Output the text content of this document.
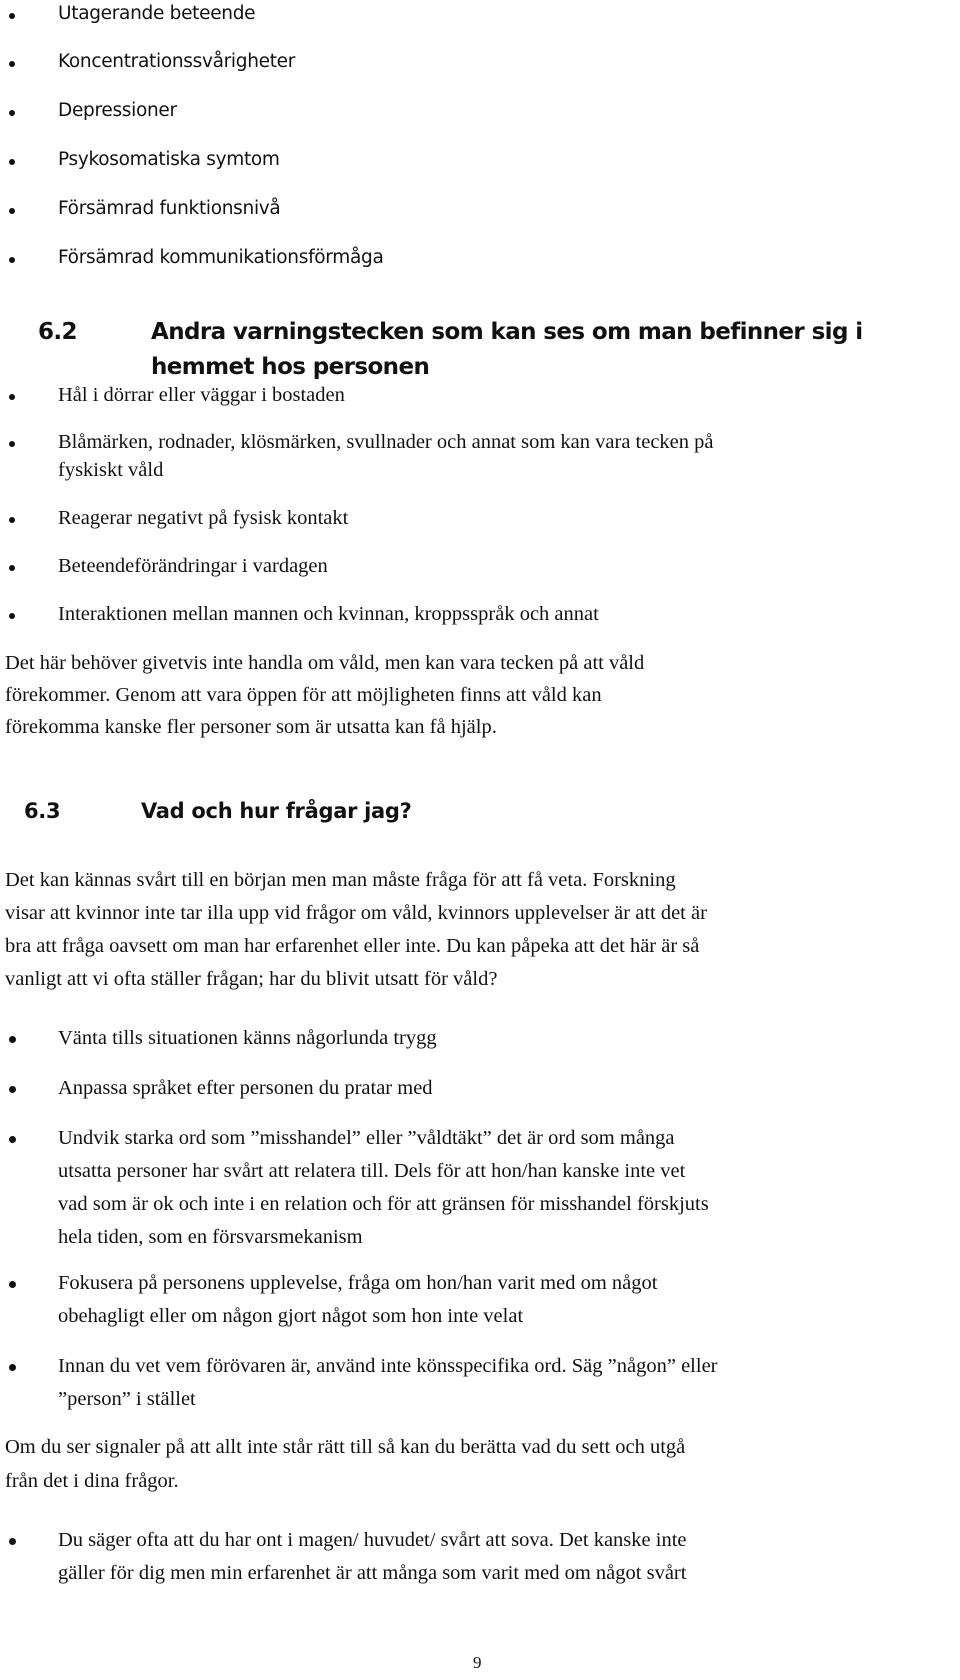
Utagerande beteende
Koncentrationssvårigheter
Depressioner
Psykosomatiska symtom
Försämrad funktionsnivå
Försämrad kommunikationsförmåga
6.2	Andra varningstecken som kan ses om man befinner sig i
hemmet hos personen
Hål i dörrar eller väggar i bostaden
Blåmärken, rodnader, klösmärken, svullnader och annat som kan vara tecken på
fyskiskt våld
Reagerar negativt på fysisk kontakt
Beteendeförändringar i vardagen
Interaktionen mellan mannen och kvinnan, kroppsspråk och annat
Det här behöver givetvis inte handla om våld, men kan vara tecken på att våld
förekommer. Genom att vara öppen för att möjligheten finns att våld kan
förekomma kanske fler personer som är utsatta kan få hjälp.
6.3	Vad och hur frågar jag?
Det kan kännas svårt till en början men man måste fråga för att få veta. Forskning
visar att kvinnor inte tar illa upp vid frågor om våld, kvinnors upplevelser är att det är
bra att fråga oavsett om man har erfarenhet eller inte. Du kan påpeka att det här är så
vanligt att vi ofta ställer frågan; har du blivit utsatt för våld?
Vänta tills situationen känns någorlunda trygg
Anpassa språket efter personen du pratar med
Undvik starka ord som ”misshandel” eller ”våldtäkt” det är ord som många
utsatta personer har svårt att relatera till. Dels för att hon/han kanske inte vet
vad som är ok och inte i en relation och för att gränsen för misshandel förskjuts
hela tiden, som en försvarsmekanism
Fokusera på personens upplevelse, fråga om hon/han varit med om något
obehagligt eller om någon gjort något som hon inte velat
Innan du vet vem förövaren är, använd inte könsspecifika ord. Säg ”någon” eller
”person” i stället
Om du ser signaler på att allt inte står rätt till så kan du berätta vad du sett och utgå
från det i dina frågor.
Du säger ofta att du har ont i magen/ huvudet/ svårt att sova. Det kanske inte
gäller för dig men min erfarenhet är att många som varit med om något svårt
9
